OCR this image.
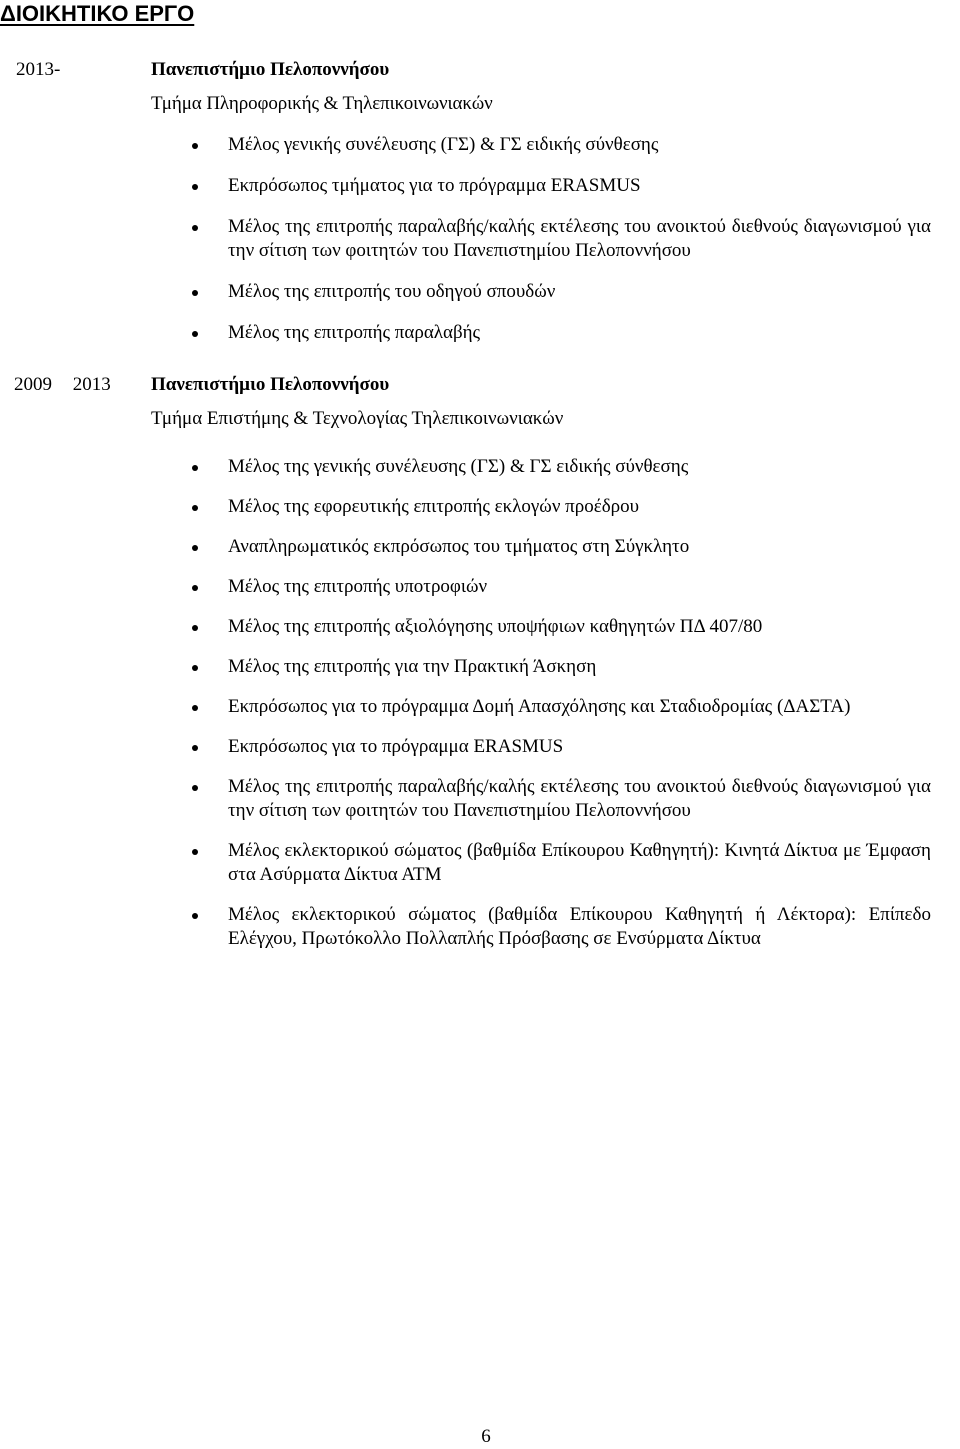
ΔΙΟΙΚΗΤΙΚΟ ΕΡΓΟ
2013-	Πανεπιστήμιο Πελοποννήσου
Τμήμα Πληροφορικής & Τηλεπικοινωνιακών
Μέλος γενικής συνέλευσης (ΓΣ) & ΓΣ ειδικής σύνθεσης
Εκπρόσωπος τμήματος για το πρόγραμμα ERASMUS
Μέλος της επιτροπής παραλαβής/καλής εκτέλεσης του ανοικτού διεθνούς διαγωνισμού για την σίτιση των φοιτητών του Πανεπιστημίου Πελοποννήσου
Μέλος της επιτροπής του οδηγού σπουδών
Μέλος της επιτροπής παραλαβής
2009 2013 Πανεπιστήμιο Πελοποννήσου
Τμήμα Επιστήμης & Τεχνολογίας Τηλεπικοινωνιακών
Μέλος της γενικής συνέλευσης (ΓΣ) & ΓΣ ειδικής σύνθεσης
Μέλος της εφορευτικής επιτροπής εκλογών προέδρου
Αναπληρωματικός εκπρόσωπος του τμήματος στη Σύγκλητο
Μέλος της επιτροπής υποτροφιών
Μέλος της επιτροπής αξιολόγησης υποψήφιων καθηγητών ΠΔ 407/80
Μέλος της επιτροπής για την Πρακτική Άσκηση
Εκπρόσωπος για το πρόγραμμα Δομή Απασχόλησης και Σταδιοδρομίας (ΔΑΣΤΑ)
Εκπρόσωπος για το πρόγραμμα ERASMUS
Μέλος της επιτροπής παραλαβής/καλής εκτέλεσης του ανοικτού διεθνούς διαγωνισμού για την σίτιση των φοιτητών του Πανεπιστημίου Πελοποννήσου
Μέλος εκλεκτορικού σώματος (βαθμίδα Επίκουρου Καθηγητή): Κινητά Δίκτυα με Έμφαση στα Ασύρματα Δίκτυα ΑΤΜ
Μέλος εκλεκτορικού σώματος (βαθμίδα Επίκουρου Καθηγητή ή Λέκτορα): Επίπεδο Ελέγχου, Πρωτόκολλο Πολλαπλής Πρόσβασης σε Ενσύρματα Δίκτυα
6
